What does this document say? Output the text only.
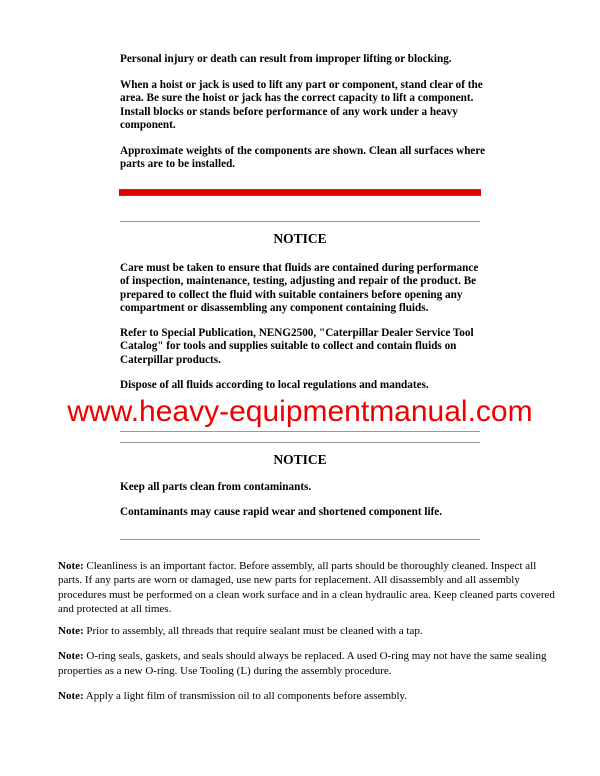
Personal injury or death can result from improper lifting or blocking.

When a hoist or jack is used to lift any part or component, stand clear of the area. Be sure the hoist or jack has the correct capacity to lift a component. Install blocks or stands before performance of any work under a heavy component.

Approximate weights of the components are shown. Clean all surfaces where parts are to be installed.

NOTICE

Care must be taken to ensure that fluids are contained during performance of inspection, maintenance, testing, adjusting and repair of the product. Be prepared to collect the fluid with suitable containers before opening any compartment or disassembling any component containing fluids.

Refer to Special Publication, NENG2500, "Caterpillar Dealer Service Tool Catalog" for tools and supplies suitable to collect and contain fluids on Caterpillar products.

Dispose of all fluids according to local regulations and mandates.

www.heavy-equipmentmanual.com
NOTICE

Keep all parts clean from contaminants.

Contaminants may cause rapid wear and shortened component life.

Note: Cleanliness is an important factor. Before assembly, all parts should be thoroughly cleaned. Inspect all parts. If any parts are worn or damaged, use new parts for replacement. All disassembly and all assembly procedures must be performed on a clean work surface and in a clean hydraulic area. Keep cleaned parts covered and protected at all times.

Note: Prior to assembly, all threads that require sealant must be cleaned with a tap.

Note: O-ring seals, gaskets, and seals should always be replaced. A used O-ring may not have the same sealing properties as a new O-ring. Use Tooling (L) during the assembly procedure.

Note: Apply a light film of transmission oil to all components before assembly.
